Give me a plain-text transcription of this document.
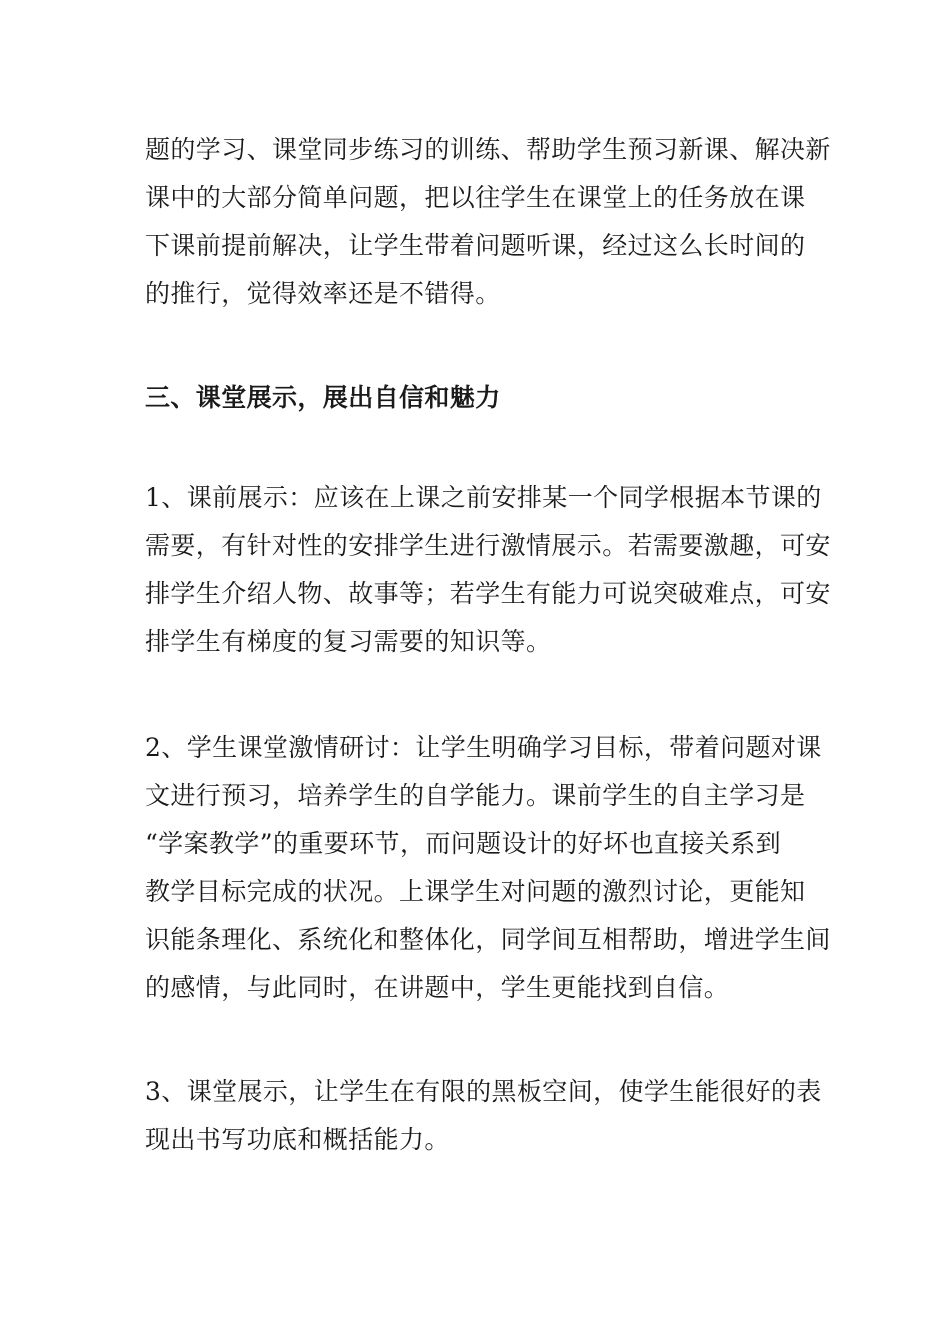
题的学习、课堂同步练习的训练、帮助学生预习新课、解决新
课中的大部分简单问题，把以往学生在课堂上的任务放在课
下课前提前解决，让学生带着问题听课，经过这么长时间的
的推行，觉得效率还是不错得。
三、课堂展示，展出自信和魅力
1、课前展示：应该在上课之前安排某一个同学根据本节课的
需要，有针对性的安排学生进行激情展示。若需要激趣，可安
排学生介绍人物、故事等；若学生有能力可说突破难点，可安
排学生有梯度的复习需要的知识等。
2、学生课堂激情研讨：让学生明确学习目标，带着问题对课
文进行预习，培养学生的自学能力。课前学生的自主学习是
“学案教学”的重要环节，而问题设计的好坏也直接关系到
教学目标完成的状况。上课学生对问题的激烈讨论，更能知
识能条理化、系统化和整体化，同学间互相帮助，增进学生间
的感情，与此同时，在讲题中，学生更能找到自信。
3、课堂展示，让学生在有限的黑板空间，使学生能很好的表
现出书写功底和概括能力。
